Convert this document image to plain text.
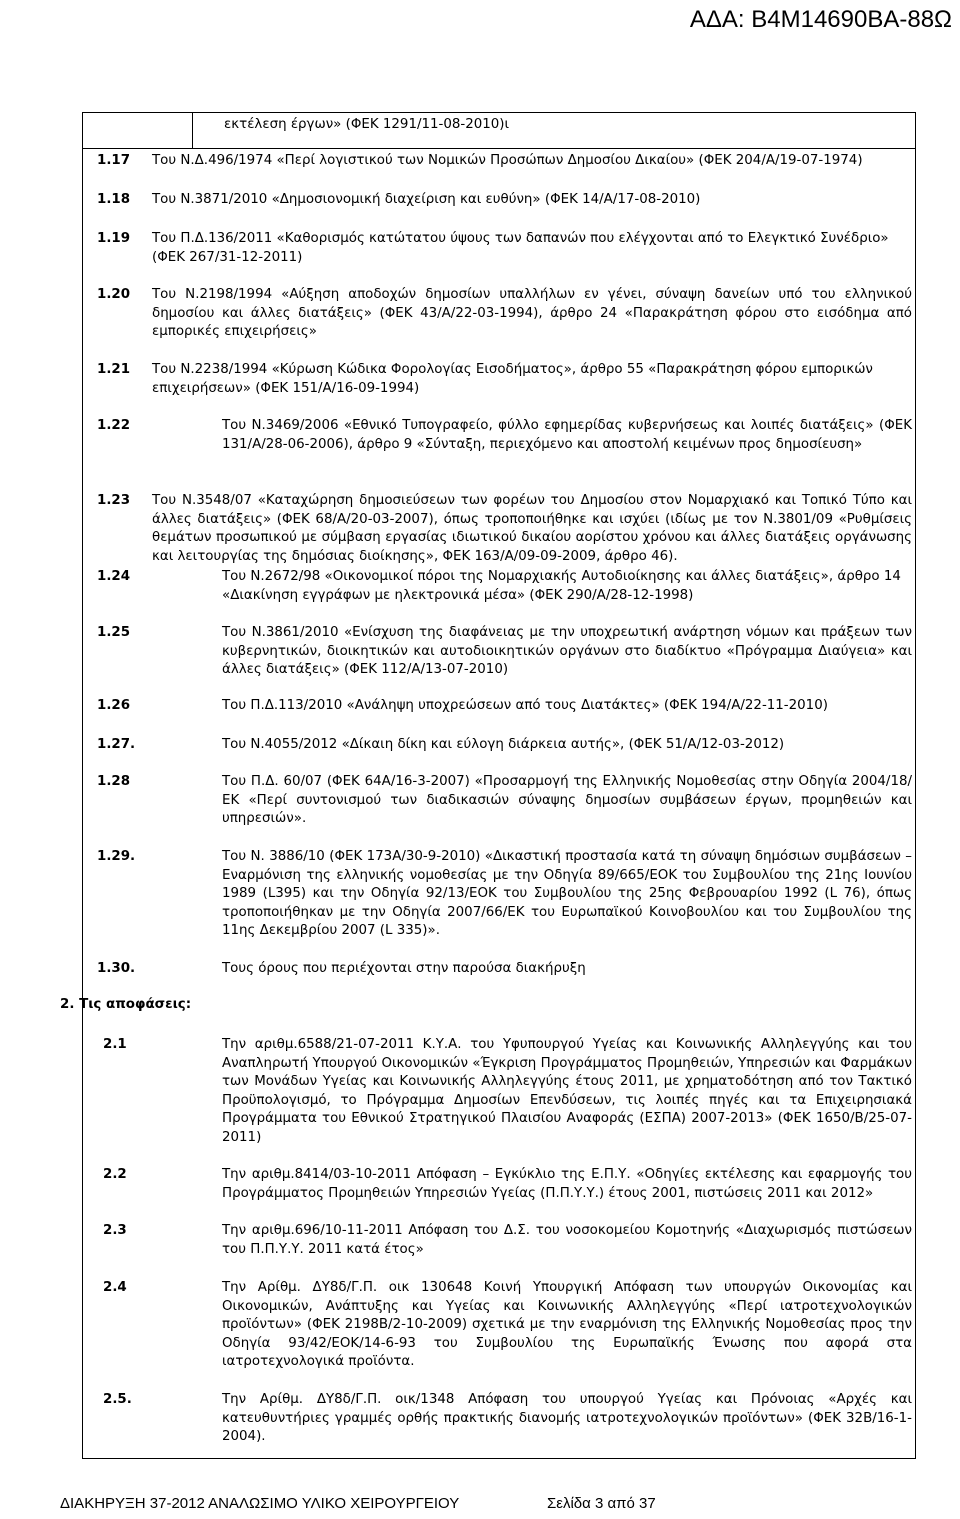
ΑΔΑ: Β4Μ14690ΒΑ-88Ω
εκτέλεση έργων» (ΦΕΚ 1291/11-08-2010)ι
1.17 Του Ν.Δ.496/1974 «Περί λογιστικού των Νομικών Προσώπων Δημοσίου Δικαίου» (ΦΕΚ 204/Α/19-07-1974)
1.18 Του Ν.3871/2010 «Δημοσιονομική διαχείριση και ευθύνη» (ΦΕΚ 14/Α/17-08-2010)
1.19 Του Π.Δ.136/2011 «Καθορισμός κατώτατου ύψους των δαπανών που ελέγχονται από το Ελεγκτικό Συνέδριο» (ΦΕΚ 267/31-12-2011)
1.20 Του Ν.2198/1994 «Αύξηση αποδοχών δημοσίων υπαλλήλων εν γένει, σύναψη δανείων υπό του ελληνικού δημοσίου και άλλες διατάξεις» (ΦΕΚ 43/Α/22-03-1994), άρθρο 24 «Παρακράτηση φόρου στο εισόδημα από εμπορικές επιχειρήσεις»
1.21 Του Ν.2238/1994 «Κύρωση Κώδικα Φορολογίας Εισοδήματος», άρθρο 55 «Παρακράτηση φόρου εμπορικών επιχειρήσεων» (ΦΕΚ 151/Α/16-09-1994)
1.22	Του Ν.3469/2006 «Εθνικό Τυπογραφείο, φύλλο εφημερίδας κυβερνήσεως και λοιπές διατάξεις» (ΦΕΚ 131/Α/28-06-2006), άρθρο 9 «Σύνταξη, περιεχόμενο και αποστολή κειμένων προς δημοσίευση»
1.23 Του Ν.3548/07 «Καταχώρηση δημοσιεύσεων των φορέων του Δημοσίου στον Νομαρχιακό και Τοπικό Τύπο και άλλες διατάξεις» (ΦΕΚ 68/Α/20-03-2007), όπως τροποποιήθηκε και ισχύει (ιδίως με τον Ν.3801/09 «Ρυθμίσεις θεμάτων προσωπικού με σύμβαση εργασίας ιδιωτικού δικαίου αορίστου χρόνου και άλλες διατάξεις οργάνωσης και λειτουργίας της δημόσιας διοίκησης», ΦΕΚ 163/Α/09-09-2009, άρθρο 46).
1.24	Του Ν.2672/98 «Οικονομικοί πόροι της Νομαρχιακής Αυτοδιοίκησης και άλλες διατάξεις», άρθρο 14 «Διακίνηση εγγράφων με ηλεκτρονικά μέσα» (ΦΕΚ 290/Α/28-12-1998)
1.25	Του Ν.3861/2010 «Ενίσχυση της διαφάνειας με την υποχρεωτική ανάρτηση νόμων και πράξεων των κυβερνητικών, διοικητικών και αυτοδιοικητικών οργάνων στο διαδίκτυο «Πρόγραμμα Διαύγεια» και άλλες διατάξεις» (ΦΕΚ 112/Α/13-07-2010)
1.26	Του Π.Δ.113/2010 «Ανάληψη υποχρεώσεων από τους Διατάκτες» (ΦΕΚ 194/Α/22-11-2010)
1.27.	Του Ν.4055/2012 «Δίκαιη δίκη και εύλογη διάρκεια αυτής», (ΦΕΚ 51/Α/12-03-2012)
1.28	Του Π.Δ. 60/07 (ΦΕΚ 64Α/16-3-2007) «Προσαρμογή της Ελληνικής Νομοθεσίας στην Οδηγία 2004/18/ΕΚ «Περί συντονισμού των διαδικασιών σύναψης δημοσίων συμβάσεων έργων, προμηθειών και υπηρεσιών».
1.29.	Του Ν. 3886/10 (ΦΕΚ 173Α/30-9-2010) «Δικαστική προστασία κατά τη σύναψη δημόσιων συμβάσεων – Εναρμόνιση της ελληνικής νομοθεσίας με την Οδηγία 89/665/ΕΟΚ του Συμβουλίου της 21ης Ιουνίου 1989 (L395) και την Οδηγία 92/13/ΕΟΚ του Συμβουλίου της 25ης Φεβρουαρίου 1992 (L 76), όπως τροποποιήθηκαν με την Οδηγία 2007/66/ΕΚ του Ευρωπαϊκού Κοινοβουλίου και του Συμβουλίου της 11ης Δεκεμβρίου 2007 (L 335)».
1.30.	Τους όρους που περιέχονται στην παρούσα διακήρυξη
2. Τις αποφάσεις:
2.1	Την αριθμ.6588/21-07-2011 Κ.Υ.Α. του Υφυπουργού Υγείας και Κοινωνικής Αλληλεγγύης και του Αναπληρωτή Υπουργού Οικονομικών «Έγκριση Προγράμματος Προμηθειών, Υπηρεσιών και Φαρμάκων των Μονάδων Υγείας και Κοινωνικής Αλληλεγγύης έτους 2011, με χρηματοδότηση από τον Τακτικό Προϋπολογισμό, το Πρόγραμμα Δημοσίων Επενδύσεων, τις λοιπές πηγές και τα Επιχειρησιακά Προγράμματα του Εθνικού Στρατηγικού Πλαισίου Αναφοράς (ΕΣΠΑ) 2007-2013» (ΦΕΚ 1650/Β/25-07-2011)
2.2	Την αριθμ.8414/03-10-2011 Απόφαση – Εγκύκλιο της Ε.Π.Υ. «Οδηγίες εκτέλεσης και εφαρμογής του Προγράμματος Προμηθειών Υπηρεσιών Υγείας (Π.Π.Υ.Υ.) έτους 2001, πιστώσεις 2011 και 2012»
2.3	Την αριθμ.696/10-11-2011 Απόφαση του Δ.Σ. του νοσοκομείου Κομοτηνής «Διαχωρισμός πιστώσεων του Π.Π.Υ.Υ. 2011 κατά έτος»
2.4	Την Αρίθμ. ΔΥ8δ/Γ.Π. οικ 130648 Κοινή Υπουργική Απόφαση των υπουργών Οικονομίας και Οικονομικών, Ανάπτυξης και Υγείας και Κοινωνικής Αλληλεγγύης «Περί ιατροτεχνολογικών προϊόντων» (ΦΕΚ 2198Β/2-10-2009) σχετικά με την εναρμόνιση της Ελληνικής Νομοθεσίας προς την Οδηγία 93/42/ΕΟΚ/14-6-93 του Συμβουλίου της Ευρωπαϊκής Ένωσης που αφορά στα ιατροτεχνολογικά προϊόντα.
2.5.	Την Αρίθμ. ΔΥ8δ/Γ.Π. οικ/1348 Απόφαση του υπουργού Υγείας και Πρόνοιας «Αρχές και κατευθυντήριες γραμμές ορθής πρακτικής διανομής ιατροτεχνολογικών προϊόντων» (ΦΕΚ 32Β/16-1-2004).
ΔΙΑΚΗΡΥΞΗ 37-2012 ΑΝΑΛΩΣΙΜΟ ΥΛΙΚΟ ΧΕΙΡΟΥΡΓΕΙΟΥ	Σελίδα 3 από 37
